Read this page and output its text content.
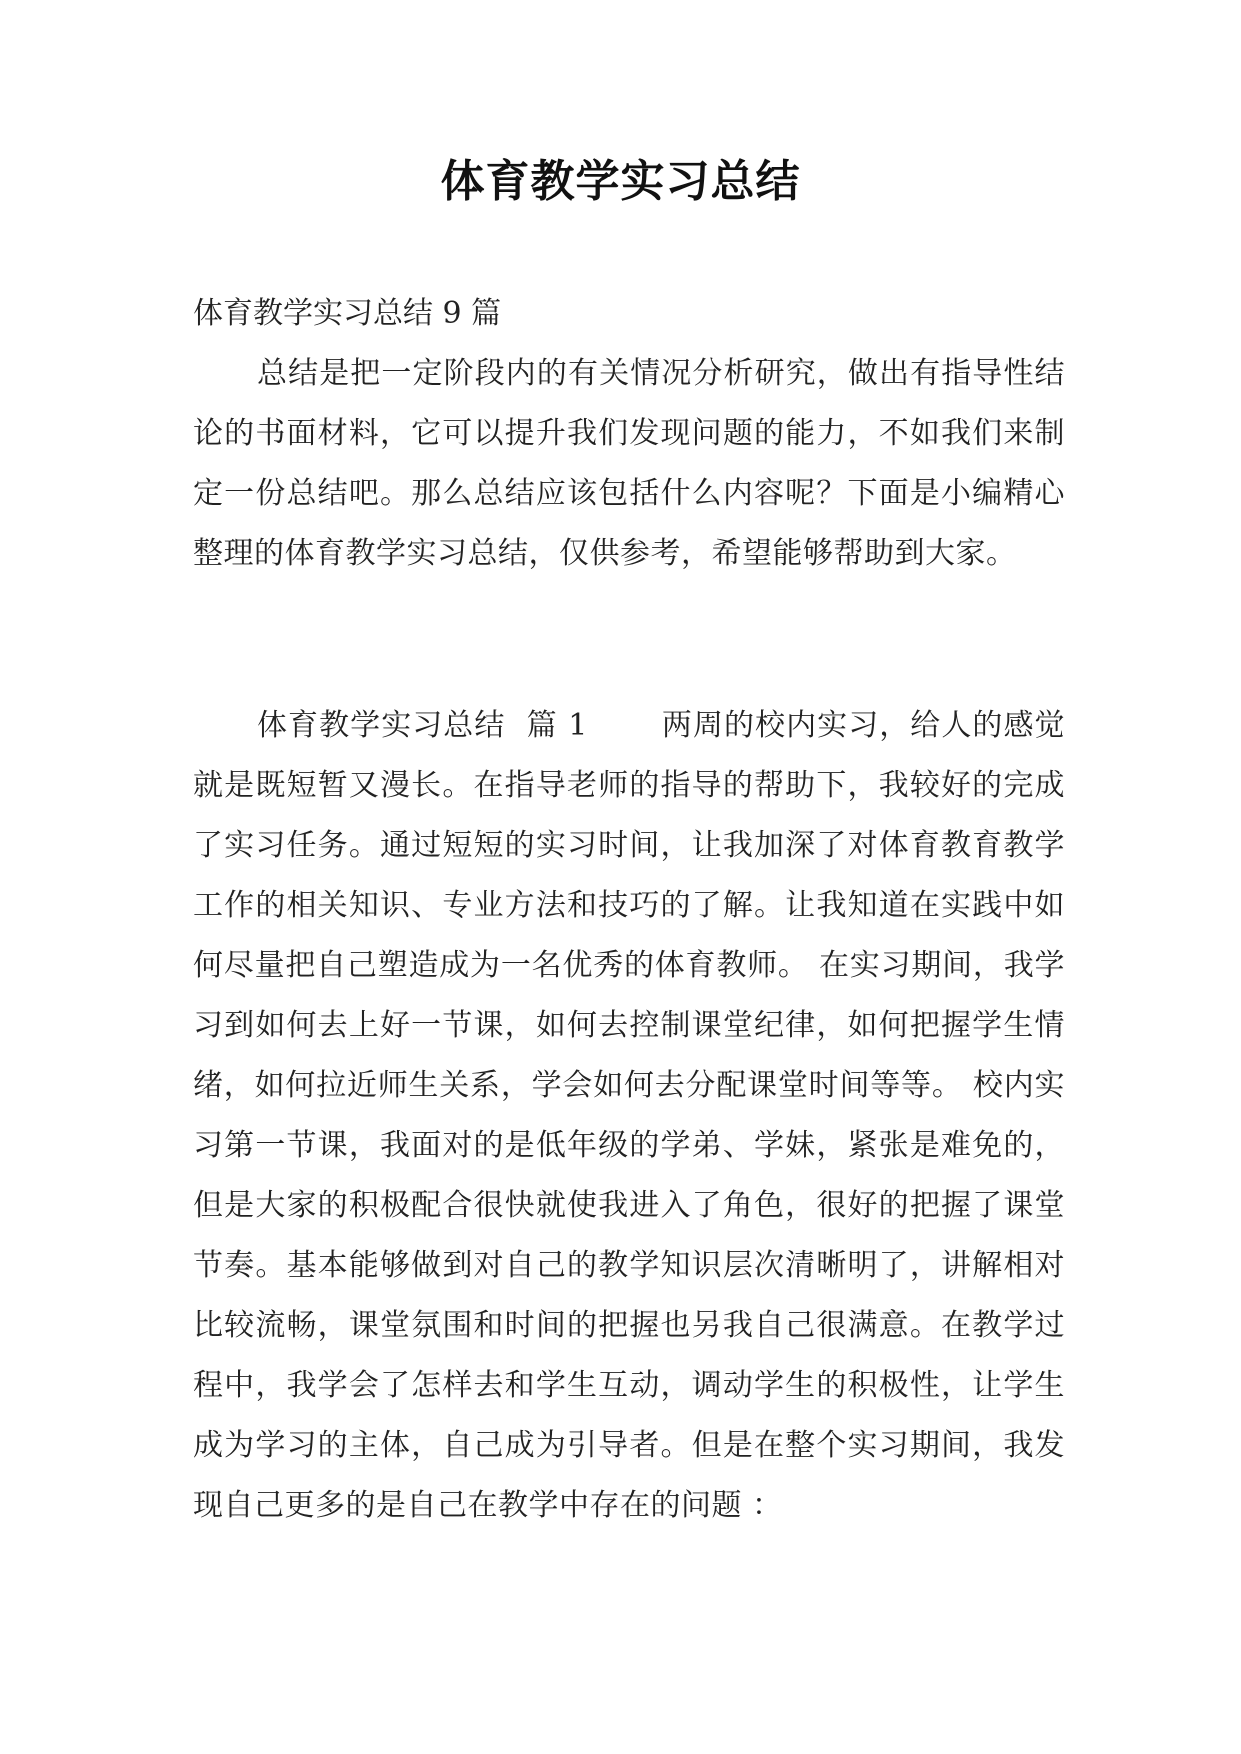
体育教学实习总结
体育教学实习总结 9 篇
总结是把一定阶段内的有关情况分析研究，做出有指导性结论的书面材料，它可以提升我们发现问题的能力，不如我们来制定一份总结吧。那么总结应该包括什么内容呢？下面是小编精心整理的体育教学实习总结，仅供参考，希望能够帮助到大家。
体育教学实习总结  篇 1 两周的校内实习，给人的感觉就是既短暂又漫长。在指导老师的指导的帮助下，我较好的完成了实习任务。通过短短的实习时间，让我加深了对体育教育教学工作的相关知识、专业方法和技巧的了解。让我知道在实践中如何尽量把自己塑造成为一名优秀的体育教师。 在实习期间，我学习到如何去上好一节课，如何去控制课堂纪律，如何把握学生情绪，如何拉近师生关系，学会如何去分配课堂时间等等。 校内实习第一节课，我面对的是低年级的学弟、学妹，紧张是难免的，但是大家的积极配合很快就使我进入了角色，很好的把握了课堂节奏。基本能够做到对自己的教学知识层次清晰明了，讲解相对比较流畅，课堂氛围和时间的把握也另我自己很满意。在教学过程中，我学会了怎样去和学生互动，调动学生的积极性，让学生成为学习的主体，自己成为引导者。但是在整个实习期间，我发现自己更多的是自己在教学中存在的问题 ：
